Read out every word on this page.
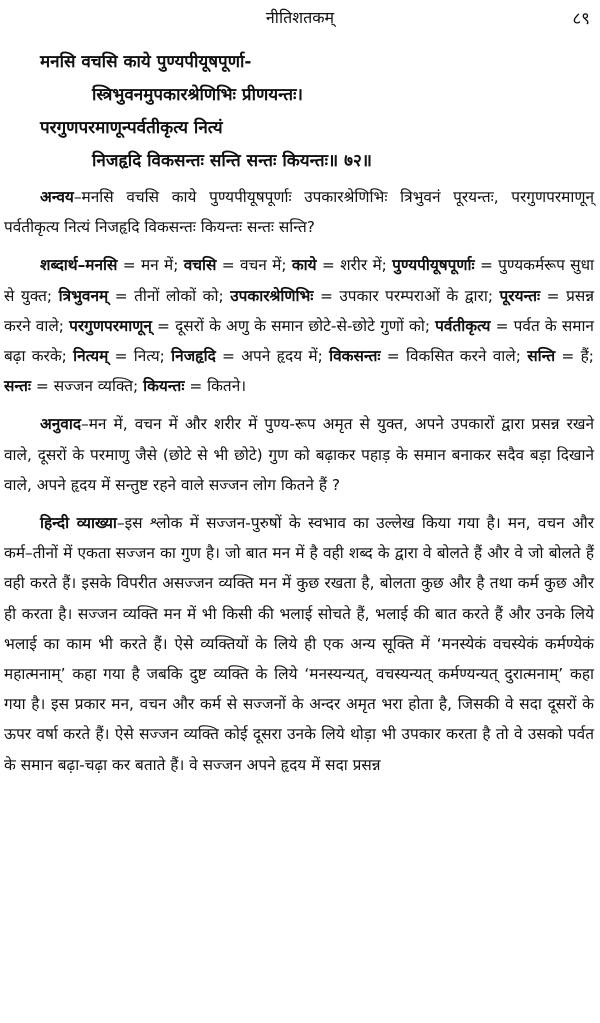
नीतिशतकम्	८९
मनसि वचसि काये पुण्यपीयूषपूर्णा-
स्त्रिभुवनमुपकारश्रेणिभिः प्रीणयन्तः।
परगुणपरमाणून्पर्वतीकृत्य नित्यं
निजहृदि विकसन्तः सन्ति सन्तः कियन्तः॥ ७२॥

अन्वय–मनसि वचसि काये पुण्यपीयूषपूर्णाः उपकारश्रेणिभिः त्रिभुवनं पूरयन्तः, परगुणपरमाणून् पर्वतीकृत्य नित्यं निजहृदि विकसन्तः कियन्तः सन्तः सन्ति?

शब्दार्थ–मनसि = मन में; वचसि = वचन में; काये = शरीर में; पुण्यपीयूषपूर्णाः = पुण्यकर्मरूप सुधा से युक्त; त्रिभुवनम् = तीनों लोकों को; उपकारश्रेणिभिः = उपकार परम्पराओं के द्वारा; पूरयन्तः = प्रसन्न करने वाले; परगुणपरमाणून् = दूसरों के अणु के समान छोटे-से-छोटे गुणों को; पर्वतीकृत्य = पर्वत के समान बढ़ा करके; नित्यम् = नित्य; निजहृदि = अपने हृदय में; विकसन्तः = विकसित करने वाले; सन्ति = हैं; सन्तः = सज्जन व्यक्ति; कियन्तः = कितने।

अनुवाद–मन में, वचन में और शरीर में पुण्य-रूप अमृत से युक्त, अपने उपकारों द्वारा प्रसन्न रखने वाले, दूसरों के परमाणु जैसे (छोटे से भी छोटे) गुण को बढ़ाकर पहाड़ के समान बनाकर सदैव बड़ा दिखाने वाले, अपने हृदय में सन्तुष्ट रहने वाले सज्जन लोग कितने हैं ?

हिन्दी व्याख्या–इस श्लोक में सज्जन-पुरुषों के स्वभाव का उल्लेख किया गया है। मन, वचन और कर्म–तीनों में एकता सज्जन का गुण है। जो बात मन में है वही शब्द के द्वारा वे बोलते हैं और वे जो बोलते हैं वही करते हैं। इसके विपरीत असज्जन व्यक्ति मन में कुछ रखता है, बोलता कुछ और है तथा कर्म कुछ और ही करता है। सज्जन व्यक्ति मन में भी किसी की भलाई सोचते हैं, भलाई की बात करते हैं और उनके लिये भलाई का काम भी करते हैं। ऐसे व्यक्तियों के लिये ही एक अन्य सूक्ति में ‘मनस्येकं वचस्येकं कर्मण्येकं महात्मनाम्’ कहा गया है जबकि दुष्ट व्यक्ति के लिये ‘मनस्यन्यत्, वचस्यन्यत् कर्मण्यन्यत् दुरात्मनाम्’ कहा गया है। इस प्रकार मन, वचन और कर्म से सज्जनों के अन्दर अमृत भरा होता है, जिसकी वे सदा दूसरों के ऊपर वर्षा करते हैं। ऐसे सज्जन व्यक्ति कोई दूसरा उनके लिये थोड़ा भी उपकार करता है तो वे उसको पर्वत के समान बढ़ा-चढ़ा कर बताते हैं। वे सज्जन अपने हृदय में सदा प्रसन्न
